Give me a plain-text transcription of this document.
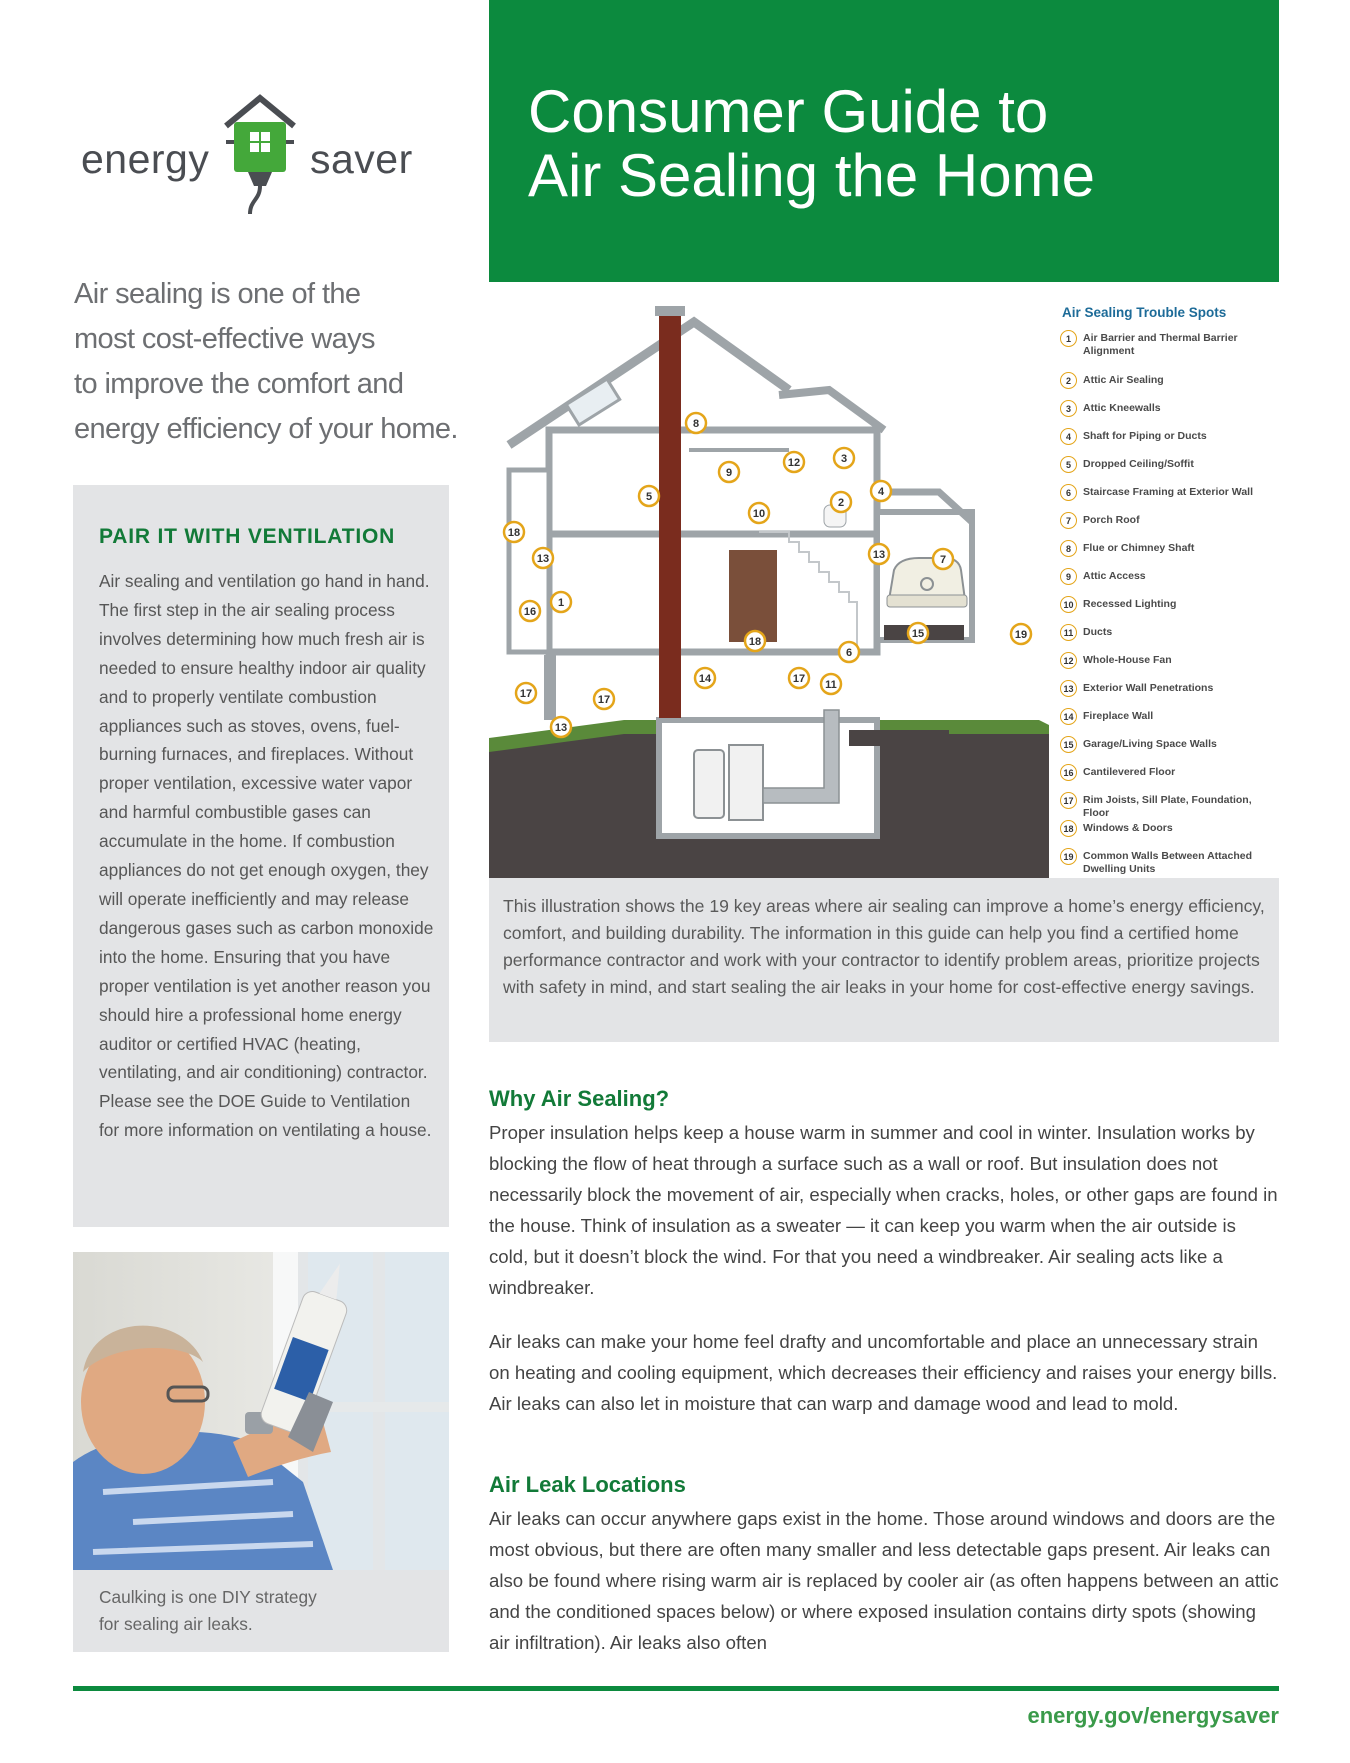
energy saver
Consumer Guide to
Air Sealing the Home
Air sealing is one of the
most cost-effective ways
to improve the comfort and
energy efficiency of your home.
PAIR IT WITH VENTILATION

Air sealing and ventilation go hand in hand. The first step in the air sealing process involves determining how much fresh air is needed to ensure healthy indoor air quality and to properly ventilate combustion appliances such as stoves, ovens, fuel-burning furnaces, and fireplaces. Without proper ventilation, excessive water vapor and harmful combustible gases can accumulate in the home. If combustion appliances do not get enough oxygen, they will operate inefficiently and may release dangerous gases such as carbon monoxide into the home. Ensuring that you have proper ventilation is yet another reason you should hire a professional home energy auditor or certified HVAC (heating, ventilating, and air conditioning) contractor. Please see the DOE Guide to Ventilation for more information on ventilating a house.

Caulking is one DIY strategy
for sealing air leaks.

1
2
3
4
5
6
7
8
9
10
11
12
13
13
13
14
15
16
17	17
17
18
18
19
Air Sealing Trouble Spots
1	Air Barrier and Thermal Barrier Alignment
2	Attic Air Sealing
3	Attic Kneewalls
4	Shaft for Piping or Ducts
5	Dropped Ceiling/Soffit
6	Staircase Framing at Exterior Wall
7	Porch Roof
8	Flue or Chimney Shaft
9	Attic Access
10 Recessed Lighting
11 Ducts
12 Whole-House Fan
13 Exterior Wall Penetrations
14 Fireplace Wall
15 Garage/Living Space Walls
16 Cantilevered Floor
17 Rim Joists, Sill Plate, Foundation, Floor
18 Windows & Doors
19 Common Walls Between Attached Dwelling Units

This illustration shows the 19 key areas where air sealing can improve a home’s energy efficiency, comfort, and building durability. The information in this guide can help you find a certified home performance contractor and work with your contractor to identify problem areas, prioritize projects with safety in mind, and start sealing the air leaks in your home for cost-effective energy savings.

Why Air Sealing?

Proper insulation helps keep a house warm in summer and cool in winter. Insulation works by blocking the flow of heat through a surface such as a wall or roof. But insulation does not necessarily block the movement of air, especially when cracks, holes, or other gaps are found in the house. Think of insulation as a sweater — it can keep you warm when the air outside is cold, but it doesn’t block the wind. For that you need a windbreaker. Air sealing acts like a windbreaker.

Air leaks can make your home feel drafty and uncomfortable and place an unnecessary strain on heating and cooling equipment, which decreases their efficiency and raises your energy bills. Air leaks can also let in moisture that can warp and damage wood and lead to mold.

Air Leak Locations

Air leaks can occur anywhere gaps exist in the home. Those around windows and doors are the most obvious, but there are often many smaller and less detectable gaps present. Air leaks can also be found where rising warm air is replaced by cooler air (as often happens between an attic and the conditioned spaces below) or where exposed insulation contains dirty spots (showing air infiltration). Air leaks also often

energy.gov/energysaver
